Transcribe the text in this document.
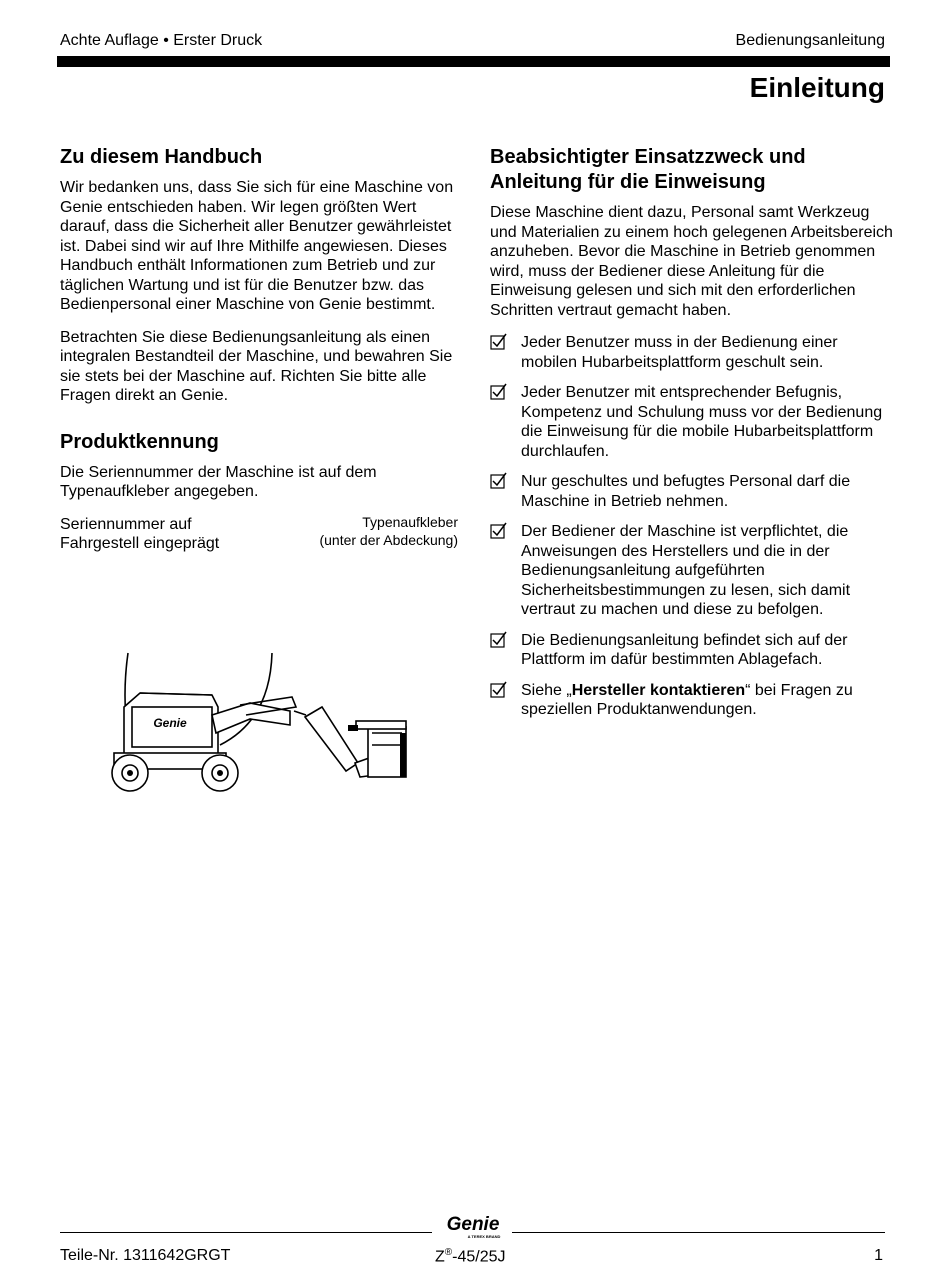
Achte Auflage • Erster Druck	Bedienungsanleitung
Einleitung
Zu diesem Handbuch

Wir bedanken uns, dass Sie sich für eine Maschine von Genie entschieden haben. Wir legen größten Wert darauf, dass die Sicherheit aller Benutzer gewährleistet ist. Dabei sind wir auf Ihre Mithilfe angewiesen. Dieses Handbuch enthält Informationen zum Betrieb und zur täglichen Wartung und ist für die Benutzer bzw. das Bedienpersonal einer Maschine von Genie bestimmt.

Betrachten Sie diese Bedienungsanleitung als einen integralen Bestandteil der Maschine, und bewahren Sie sie stets bei der Maschine auf. Richten Sie bitte alle Fragen direkt an Genie.

Produktkennung

Die Seriennummer der Maschine ist auf dem Typenaufkleber angegeben.

Seriennummer auf Fahrgestell eingeprägt
Typenaufkleber
(unter der Abdeckung)
Genie
Beabsichtigter Einsatzzweck und Anleitung für die Einweisung

Diese Maschine dient dazu, Personal samt Werkzeug und Materialien zu einem hoch gelegenen Arbeitsbereich anzuheben. Bevor die Maschine in Betrieb genommen wird, muss der Bediener diese Anleitung für die Einweisung gelesen und sich mit den erforderlichen Schritten vertraut gemacht haben.

Jeder Benutzer muss in der Bedienung einer mobilen Hubarbeitsplattform geschult sein.
Jeder Benutzer mit entsprechender Befugnis, Kompetenz und Schulung muss vor der Bedienung die Einweisung für die mobile Hubarbeitsplattform durchlaufen.
Nur geschultes und befugtes Personal darf die Maschine in Betrieb nehmen.
Der Bediener der Maschine ist verpflichtet, die Anweisungen des Herstellers und die in der Bedienungsanleitung aufgeführten Sicherheitsbestimmungen zu lesen, sich damit vertraut zu machen und diese zu befolgen.
Die Bedienungsanleitung befindet sich auf der Plattform im dafür bestimmten Ablagefach.
Siehe „Hersteller kontaktieren“ bei Fragen zu speziellen Produktanwendungen.
Genie
A TEREX BRAND
Teile-Nr. 1311642GRGT	Z®-45/25J	1
